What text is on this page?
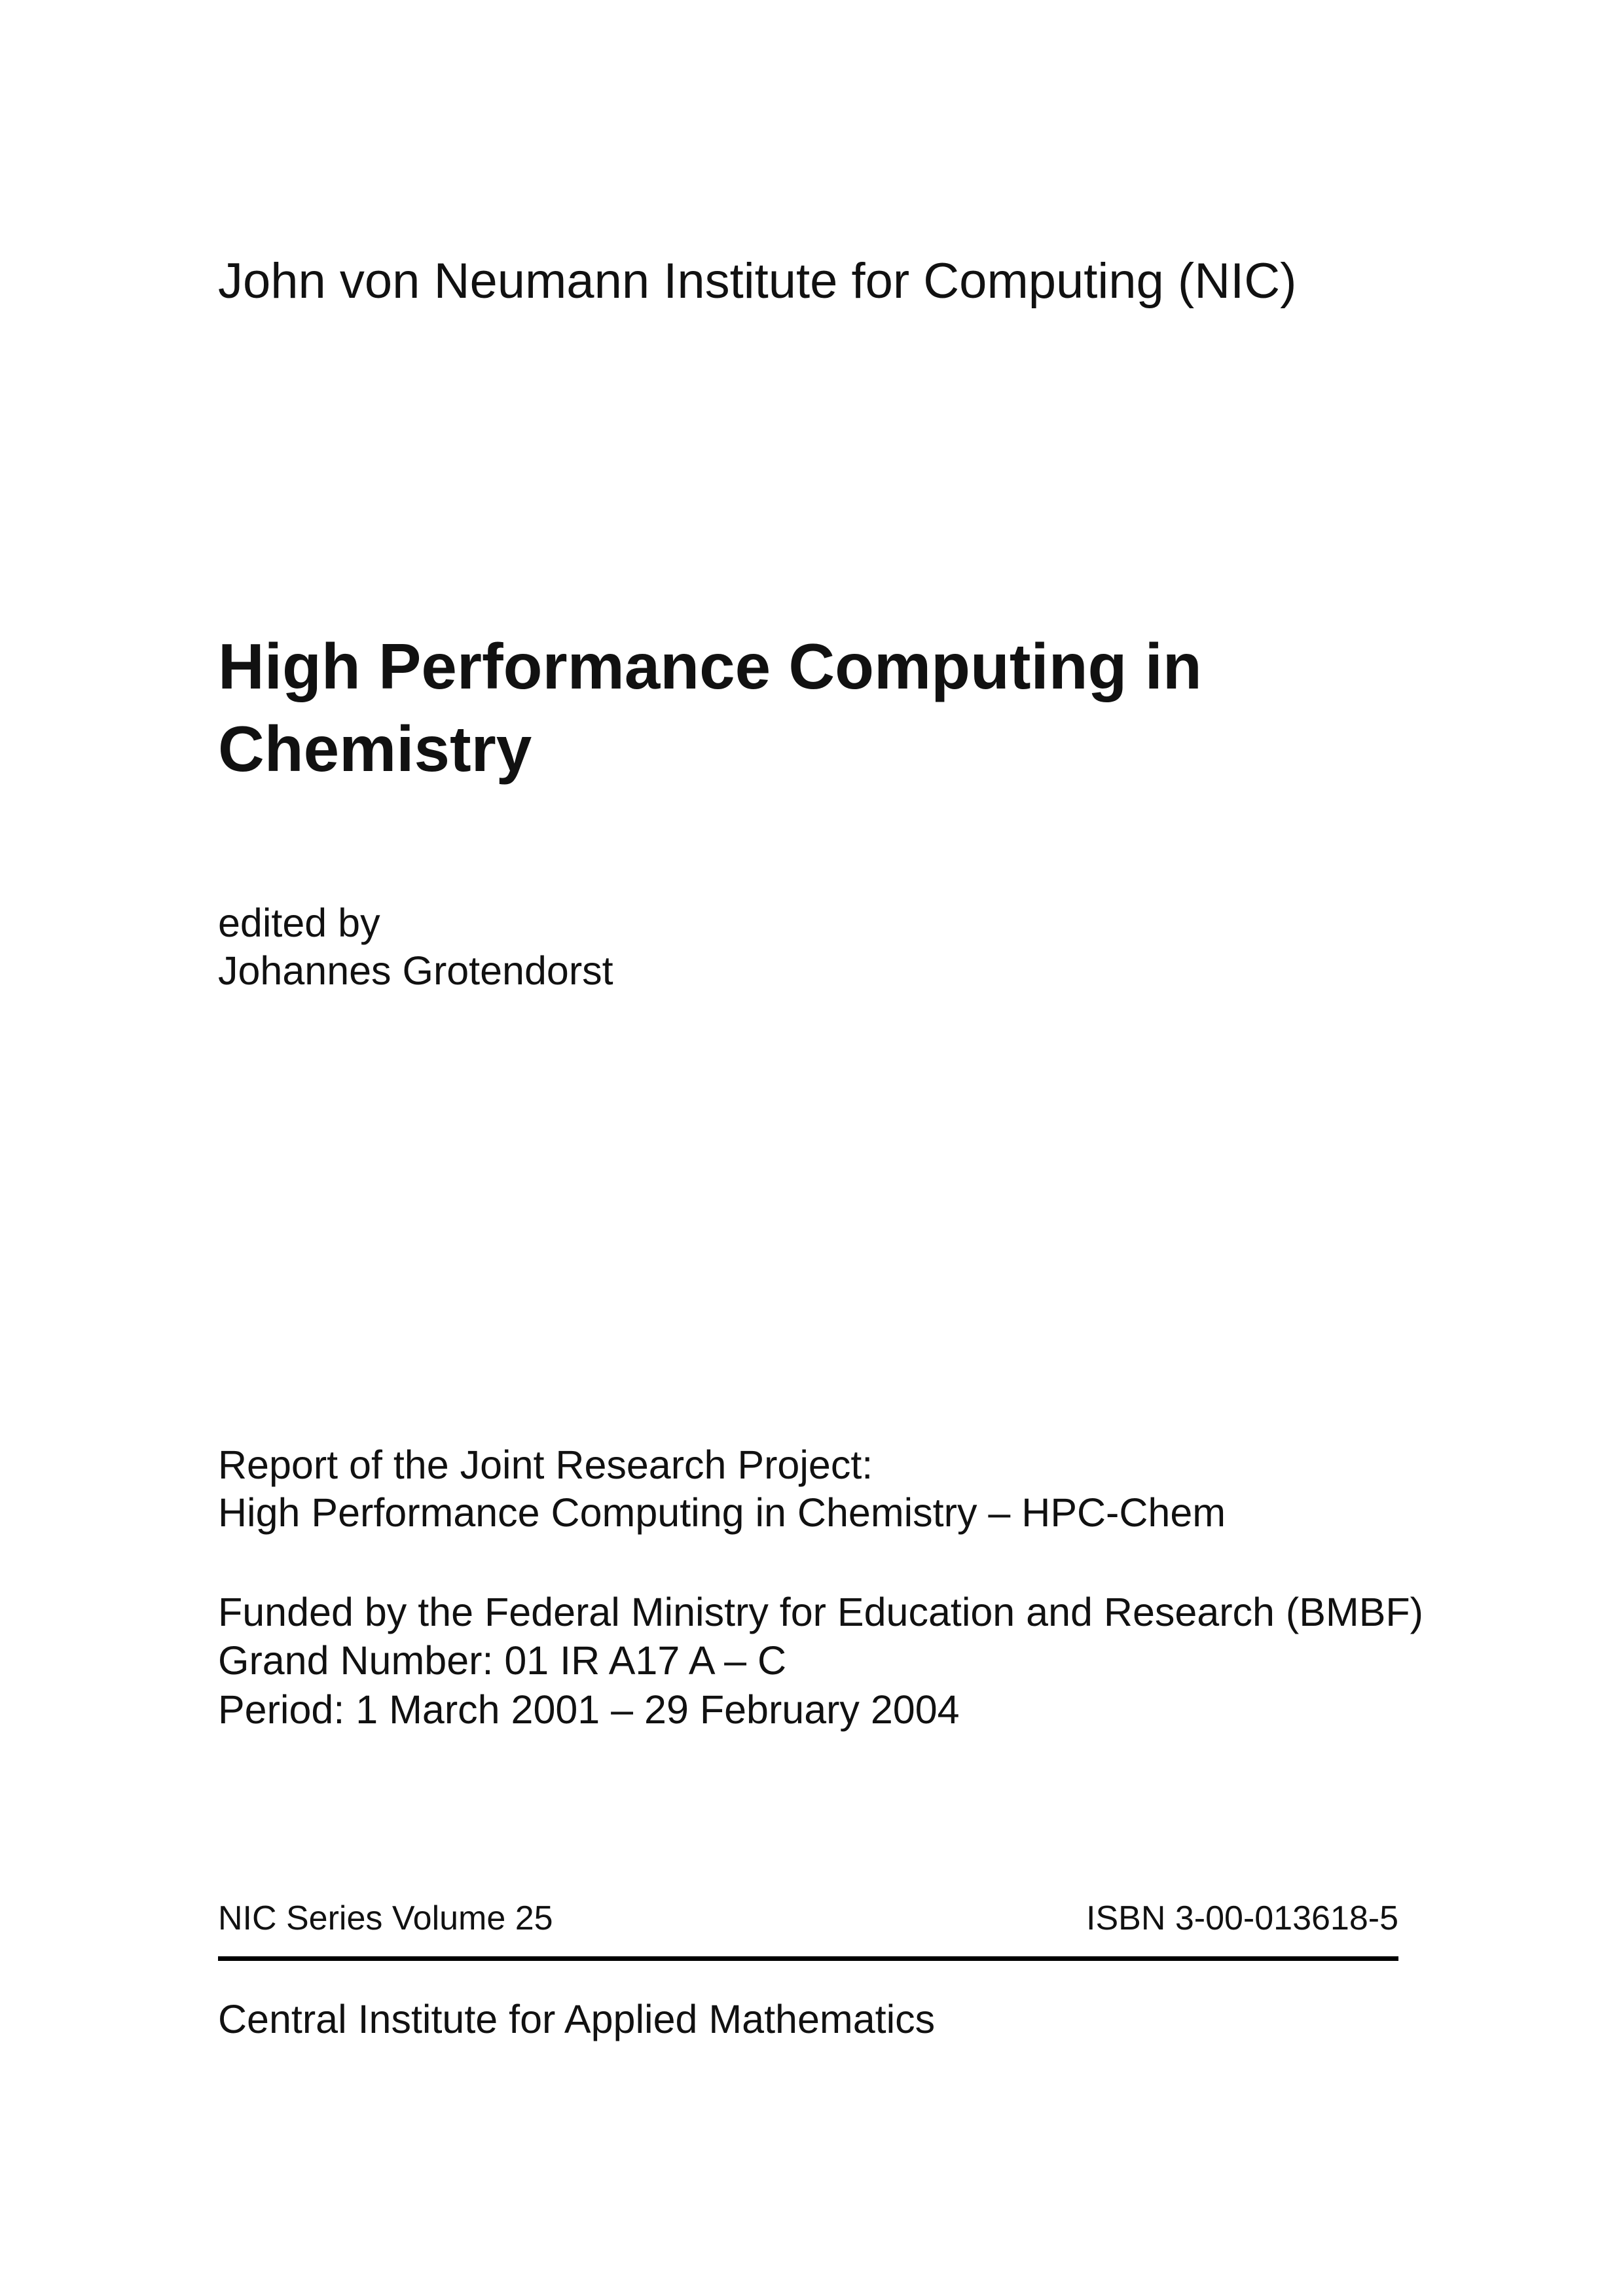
John von Neumann Institute for Computing (NIC)
High Performance Computing in
Chemistry
edited by
Johannes Grotendorst
Report of the Joint Research Project:
High Performance Computing in Chemistry – HPC-Chem
Funded by the Federal Ministry for Education and Research (BMBF)
Grand Number: 01 IR A17 A – C
Period: 1 March 2001 – 29 February 2004
NIC Series Volume 25	ISBN 3-00-013618-5
Central Institute for Applied Mathematics
